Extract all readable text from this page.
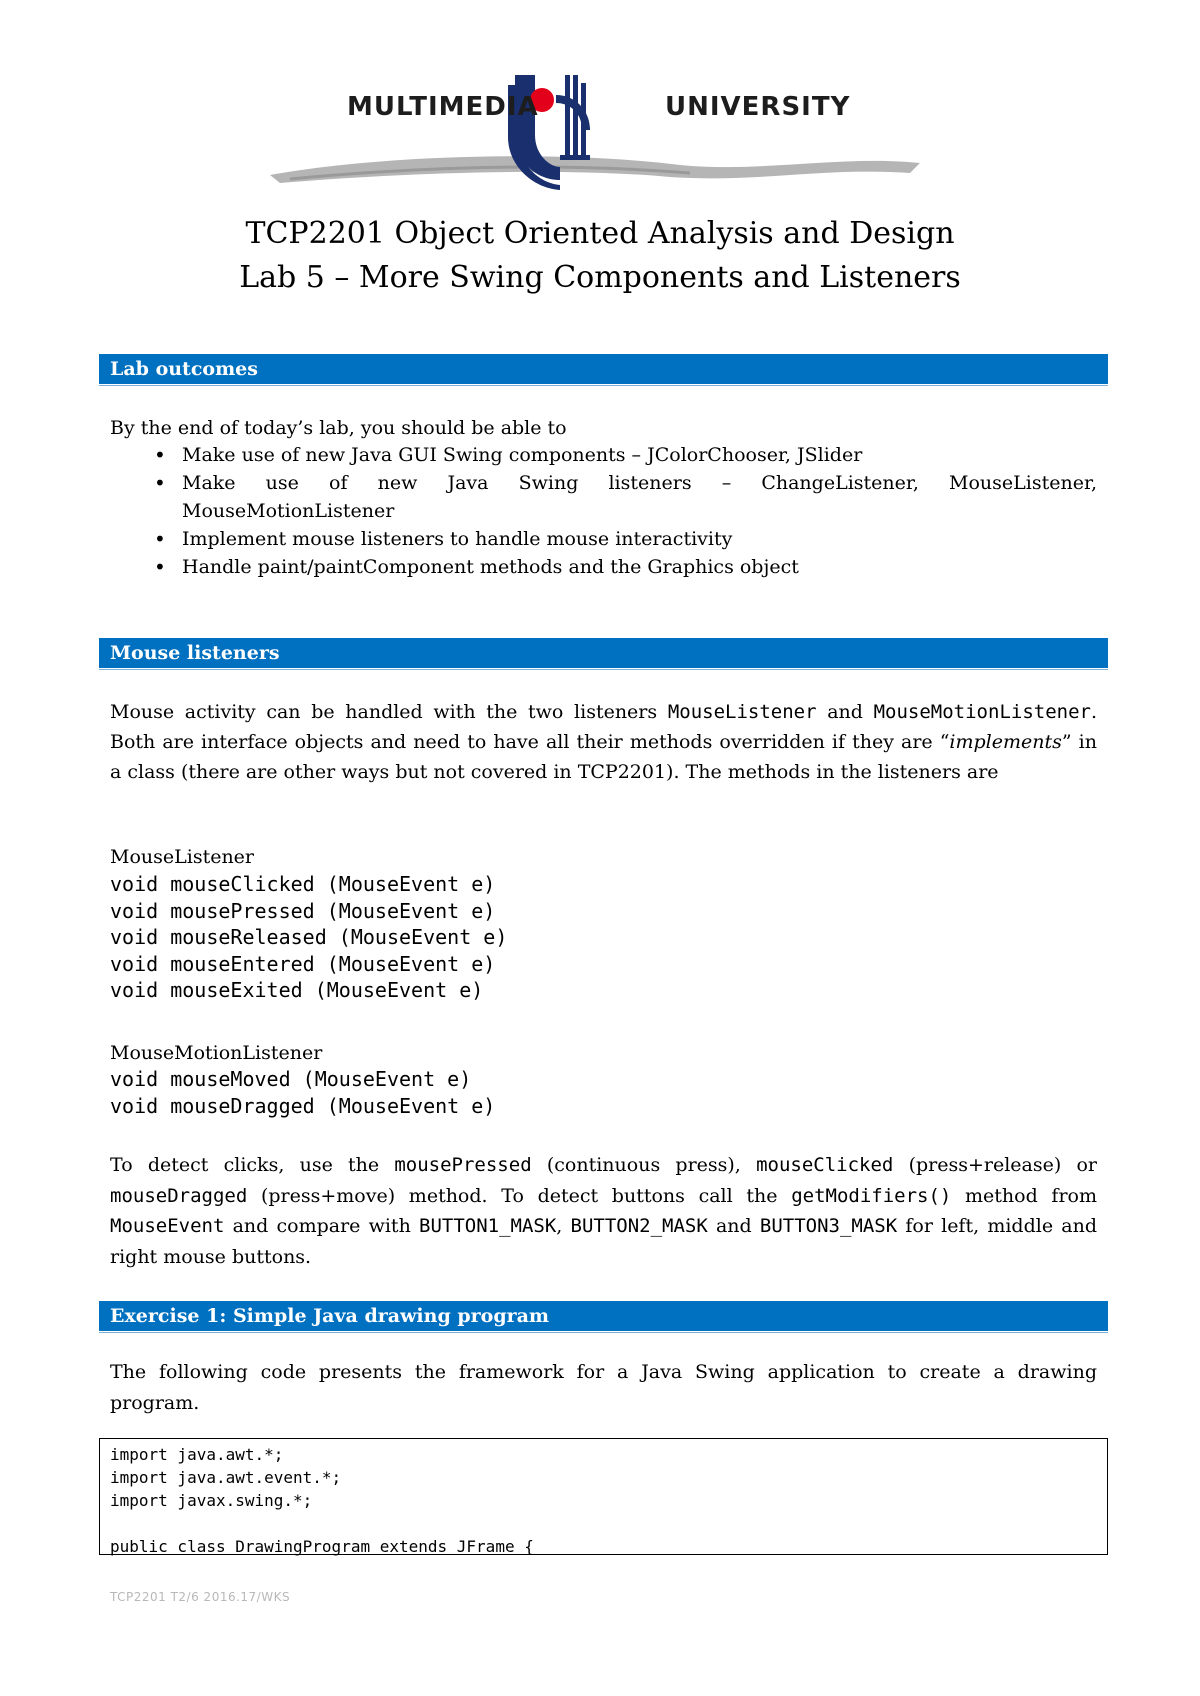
MULTIMEDIA	UNIVERSITY
TCP2201 Object Oriented Analysis and Design
Lab 5 – More Swing Components and Listeners
Lab outcomes
By the end of today’s lab, you should be able to
• Make use of new Java GUI Swing components – JColorChooser, JSlider
• Make use of new Java Swing listeners – ChangeListener, MouseListener,
MouseMotionListener
• Implement mouse listeners to handle mouse interactivity
• Handle paint/paintComponent methods and the Graphics object
Mouse listeners
Mouse activity can be handled with the two listeners MouseListener and MouseMotionListener. Both are interface objects and need to have all their methods overridden if they are “implements” in a class (there are other ways but not covered in TCP2201). The methods in the listeners are
MouseListener
void mouseClicked (MouseEvent e)
void mousePressed (MouseEvent e)
void mouseReleased (MouseEvent e)
void mouseEntered (MouseEvent e)
void mouseExited (MouseEvent e)
MouseMotionListener
void mouseMoved (MouseEvent e)
void mouseDragged (MouseEvent e)
To detect clicks, use the mousePressed (continuous press), mouseClicked (press+release) or mouseDragged (press+move) method. To detect buttons call the getModifiers() method from MouseEvent and compare with BUTTON1_MASK, BUTTON2_MASK and BUTTON3_MASK for left, middle and right mouse buttons.
Exercise 1: Simple Java drawing program
The following code presents the framework for a Java Swing application to create a drawing program.
import java.awt.*;
import java.awt.event.*;
import javax.swing.*;
public class DrawingProgram extends JFrame {
TCP2201 T2/6 2016.17/WKS
